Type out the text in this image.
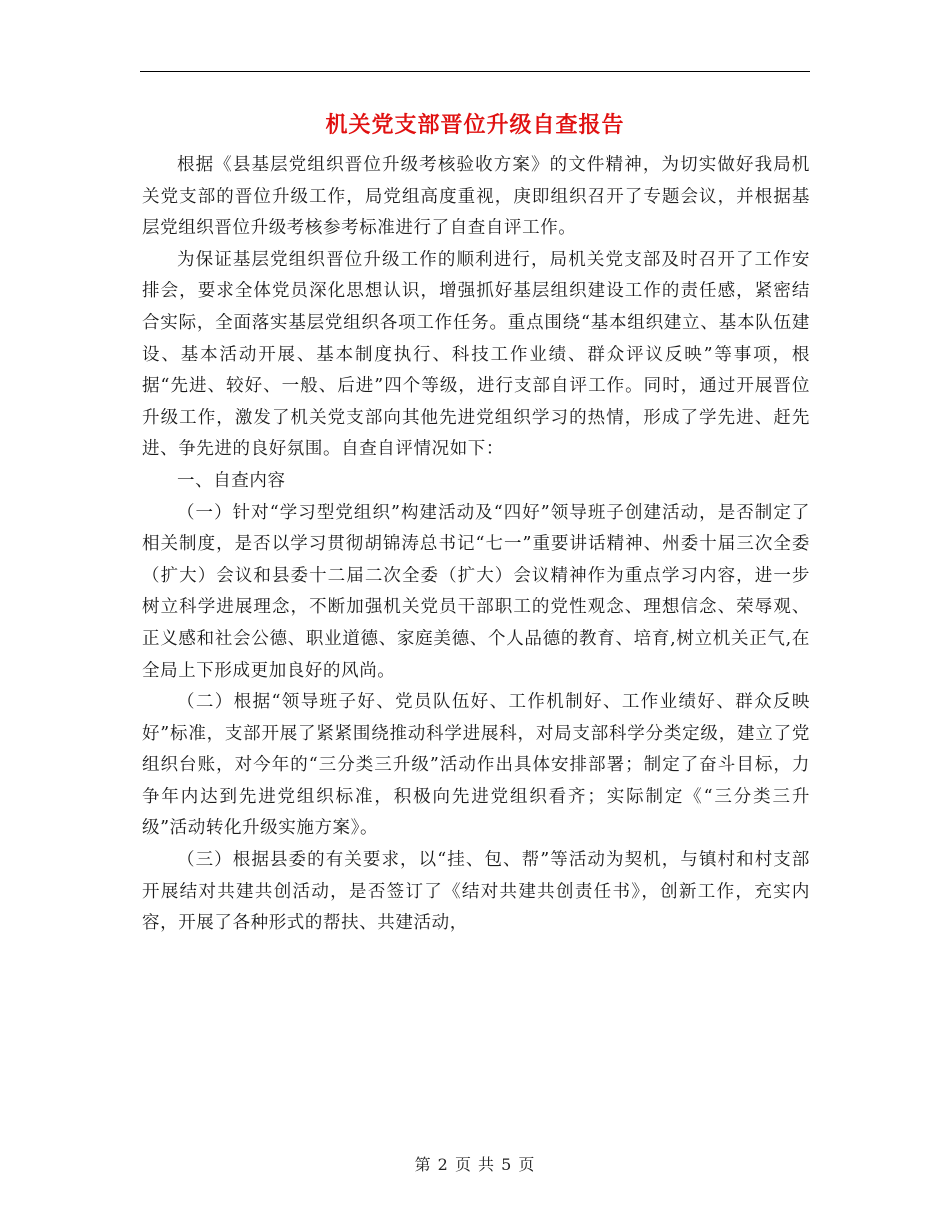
机关党支部晋位升级自查报告

根据《县基层党组织晋位升级考核验收方案》的文件精神，为切实做好我局机关党支部的晋位升级工作，局党组高度重视，庚即组织召开了专题会议，并根据基层党组织晋位升级考核参考标准进行了自查自评工作。

为保证基层党组织晋位升级工作的顺利进行，局机关党支部及时召开了工作安排会，要求全体党员深化思想认识，增强抓好基层组织建设工作的责任感，紧密结合实际，全面落实基层党组织各项工作任务。重点围绕“基本组织建立、基本队伍建设、基本活动开展、基本制度执行、科技工作业绩、群众评议反映”等事项，根据“先进、较好、一般、后进”四个等级，进行支部自评工作。同时，通过开展晋位升级工作，激发了机关党支部向其他先进党组织学习的热情，形成了学先进、赶先进、争先进的良好氛围。自查自评情况如下：

一、自查内容

（一）针对“学习型党组织”构建活动及“四好”领导班子创建活动，是否制定了相关制度，是否以学习贯彻胡锦涛总书记“七一”重要讲话精神、州委十届三次全委（扩大）会议和县委十二届二次全委（扩大）会议精神作为重点学习内容，进一步树立科学进展理念，不断加强机关党员干部职工的党性观念、理想信念、荣辱观、正义感和社会公德、职业道德、家庭美德、个人品德的教育、培育,树立机关正气,在全局上下形成更加良好的风尚。

（二）根据“领导班子好、党员队伍好、工作机制好、工作业绩好、群众反映好”标准，支部开展了紧紧围绕推动科学进展科，对局支部科学分类定级，建立了党组织台账，对今年的“三分类三升级”活动作出具体安排部署；制定了奋斗目标，力争年内达到先进党组织标准，积极向先进党组织看齐；实际制定《“三分类三升级”活动转化升级实施方案》。

（三）根据县委的有关要求，以“挂、包、帮”等活动为契机，与镇村和村支部开展结对共建共创活动，是否签订了《结对共建共创责任书》，创新工作，充实内容，开展了各种形式的帮扶、共建活动，

第 2 页 共 5 页
